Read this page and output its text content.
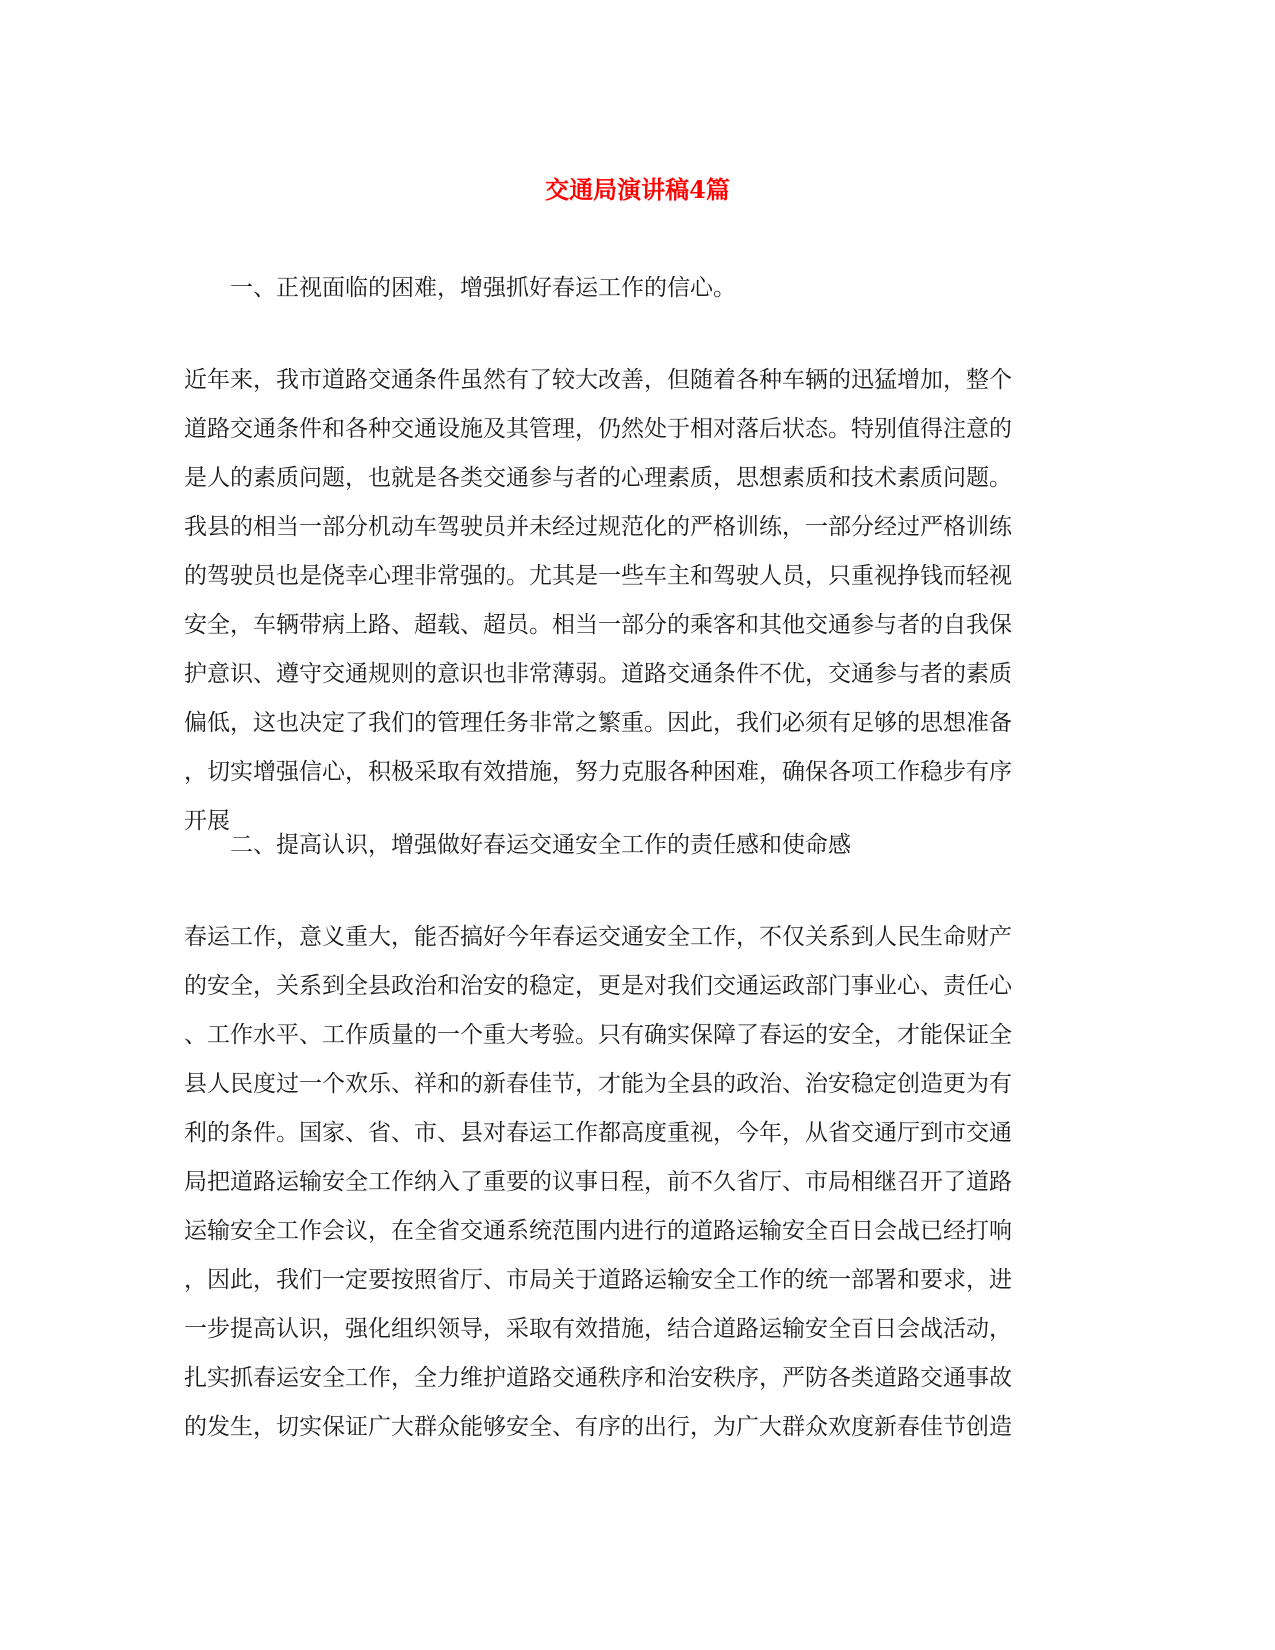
交通局演讲稿4篇
一、正视面临的困难，增强抓好春运工作的信心。
近年来，我市道路交通条件虽然有了较大改善，但随着各种车辆的迅猛增加，整个
道路交通条件和各种交通设施及其管理，仍然处于相对落后状态。特别值得注意的
是人的素质问题，也就是各类交通参与者的心理素质，思想素质和技术素质问题。
我县的相当一部分机动车驾驶员并未经过规范化的严格训练，一部分经过严格训练
的驾驶员也是侥幸心理非常强的。尤其是一些车主和驾驶人员，只重视挣钱而轻视
安全，车辆带病上路、超载、超员。相当一部分的乘客和其他交通参与者的自我保
护意识、遵守交通规则的意识也非常薄弱。道路交通条件不优，交通参与者的素质
偏低，这也决定了我们的管理任务非常之繁重。因此，我们必须有足够的思想准备
，切实增强信心，积极采取有效措施，努力克服各种困难，确保各项工作稳步有序
开展
二、提高认识，增强做好春运交通安全工作的责任感和使命感
春运工作，意义重大，能否搞好今年春运交通安全工作，不仅关系到人民生命财产
的安全，关系到全县政治和治安的稳定，更是对我们交通运政部门事业心、责任心
、工作水平、工作质量的一个重大考验。只有确实保障了春运的安全，才能保证全
县人民度过一个欢乐、祥和的新春佳节，才能为全县的政治、治安稳定创造更为有
利的条件。国家、省、市、县对春运工作都高度重视，今年，从省交通厅到市交通
局把道路运输安全工作纳入了重要的议事日程，前不久省厅、市局相继召开了道路
运输安全工作会议，在全省交通系统范围内进行的道路运输安全百日会战已经打响
，因此，我们一定要按照省厅、市局关于道路运输安全工作的统一部署和要求，进
一步提高认识，强化组织领导，采取有效措施，结合道路运输安全百日会战活动，
扎实抓春运安全工作，全力维护道路交通秩序和治安秩序，严防各类道路交通事故
的发生，切实保证广大群众能够安全、有序的出行，为广大群众欢度新春佳节创造
